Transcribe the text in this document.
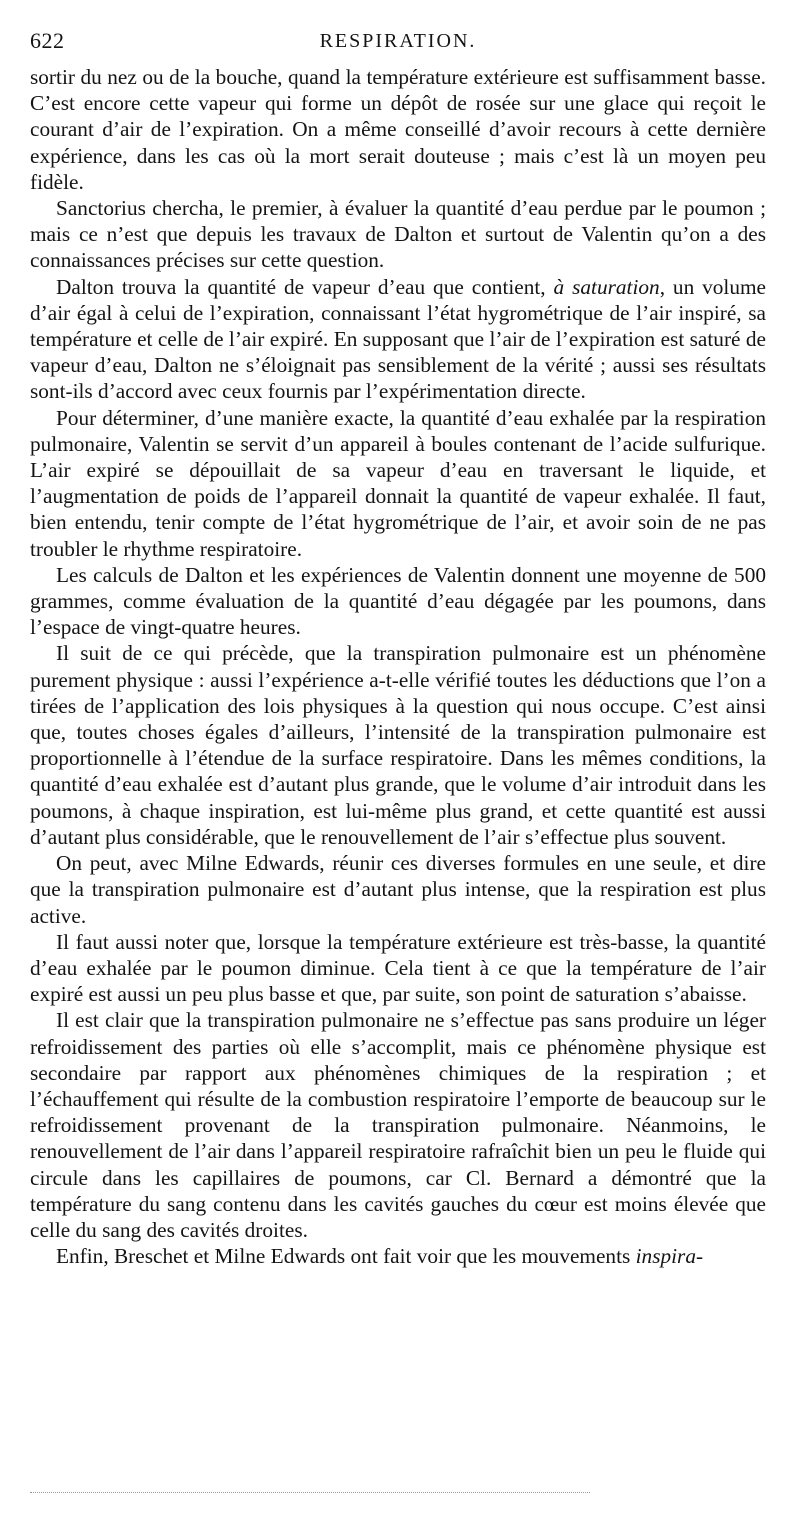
622	RESPIRATION.

sortir du nez ou de la bouche, quand la température extérieure est suffisamment basse. C’est encore cette vapeur qui forme un dépôt de rosée sur une glace qui reçoit le courant d’air de l’expiration. On a même conseillé d’avoir recours à cette dernière expérience, dans les cas où la mort serait douteuse ; mais c’est là un moyen peu fidèle.

Sanctorius chercha, le premier, à évaluer la quantité d’eau perdue par le poumon ; mais ce n’est que depuis les travaux de Dalton et surtout de Valentin qu’on a des connaissances précises sur cette question.

Dalton trouva la quantité de vapeur d’eau que contient, à saturation, un volume d’air égal à celui de l’expiration, connaissant l’état hygrométrique de l’air inspiré, sa température et celle de l’air expiré. En supposant que l’air de l’expiration est saturé de vapeur d’eau, Dalton ne s’éloignait pas sensiblement de la vérité ; aussi ses résultats sont-ils d’accord avec ceux fournis par l’expérimentation directe.

Pour déterminer, d’une manière exacte, la quantité d’eau exhalée par la respiration pulmonaire, Valentin se servit d’un appareil à boules contenant de l’acide sulfurique. L’air expiré se dépouillait de sa vapeur d’eau en traversant le liquide, et l’augmentation de poids de l’appareil donnait la quantité de vapeur exhalée. Il faut, bien entendu, tenir compte de l’état hygrométrique de l’air, et avoir soin de ne pas troubler le rhythme respiratoire.

Les calculs de Dalton et les expériences de Valentin donnent une moyenne de 500 grammes, comme évaluation de la quantité d’eau dégagée par les poumons, dans l’espace de vingt-quatre heures.

Il suit de ce qui précède, que la transpiration pulmonaire est un phénomène purement physique : aussi l’expérience a-t-elle vérifié toutes les déductions que l’on a tirées de l’application des lois physiques à la question qui nous occupe. C’est ainsi que, toutes choses égales d’ailleurs, l’intensité de la transpiration pulmonaire est proportionnelle à l’étendue de la surface respiratoire. Dans les mêmes conditions, la quantité d’eau exhalée est d’autant plus grande, que le volume d’air introduit dans les poumons, à chaque inspiration, est lui-même plus grand, et cette quantité est aussi d’autant plus considérable, que le renouvellement de l’air s’effectue plus souvent.

On peut, avec Milne Edwards, réunir ces diverses formules en une seule, et dire que la transpiration pulmonaire est d’autant plus intense, que la respiration est plus active.

Il faut aussi noter que, lorsque la température extérieure est très-basse, la quantité d’eau exhalée par le poumon diminue. Cela tient à ce que la température de l’air expiré est aussi un peu plus basse et que, par suite, son point de saturation s’abaisse.

Il est clair que la transpiration pulmonaire ne s’effectue pas sans produire un léger refroidissement des parties où elle s’accomplit, mais ce phénomène physique est secondaire par rapport aux phénomènes chimiques de la respiration ; et l’échauffement qui résulte de la combustion respiratoire l’emporte de beaucoup sur le refroidissement provenant de la transpiration pulmonaire. Néanmoins, le renouvellement de l’air dans l’appareil respiratoire rafraîchit bien un peu le fluide qui circule dans les capillaires de poumons, car Cl. Bernard a démontré que la température du sang contenu dans les cavités gauches du cœur est moins élevée que celle du sang des cavités droites.

Enfin, Breschet et Milne Edwards ont fait voir que les mouvements inspira-
